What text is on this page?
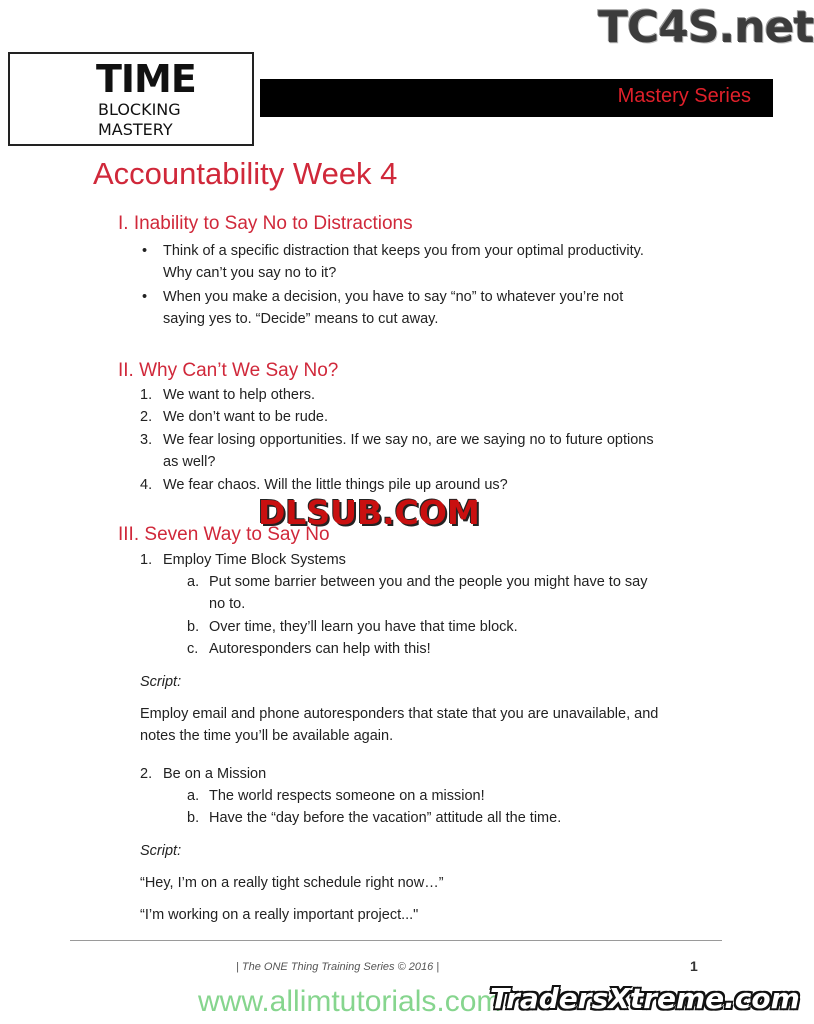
TC4S.net
TIME
BLOCKING
MASTERY
Mastery Series
Accountability Week 4
I. Inability to Say No to Distractions
• Think of a specific distraction that keeps you from your optimal productivity.
Why can’t you say no to it?
• When you make a decision, you have to say “no” to whatever you’re not
saying yes to. “Decide” means to cut away.
II. Why Can’t We Say No?
1. We want to help others.
2. We don’t want to be rude.
3. We fear losing opportunities. If we say no, are we saying no to future options
as well?
4. We fear chaos. Will the little things pile up around us?
III. Seven Way to Say No
1. Employ Time Block Systems
a. Put some barrier between you and the people you might have to say
no to.
b. Over time, they’ll learn you have that time block.
c. Autoresponders can help with this!
Script:
Employ email and phone autoresponders that state that you are unavailable, and
notes the time you’ll be available again.
2. Be on a Mission
a. The world respects someone on a mission!
b. Have the “day before the vacation” attitude all the time.
Script:
“Hey, I’m on a really tight schedule right now…”
“I’m working on a really important project..."
| The ONE Thing Training Series © 2016 |	1
DLSUB.COM
www.allimtutorials.com
TradersXtreme.com
